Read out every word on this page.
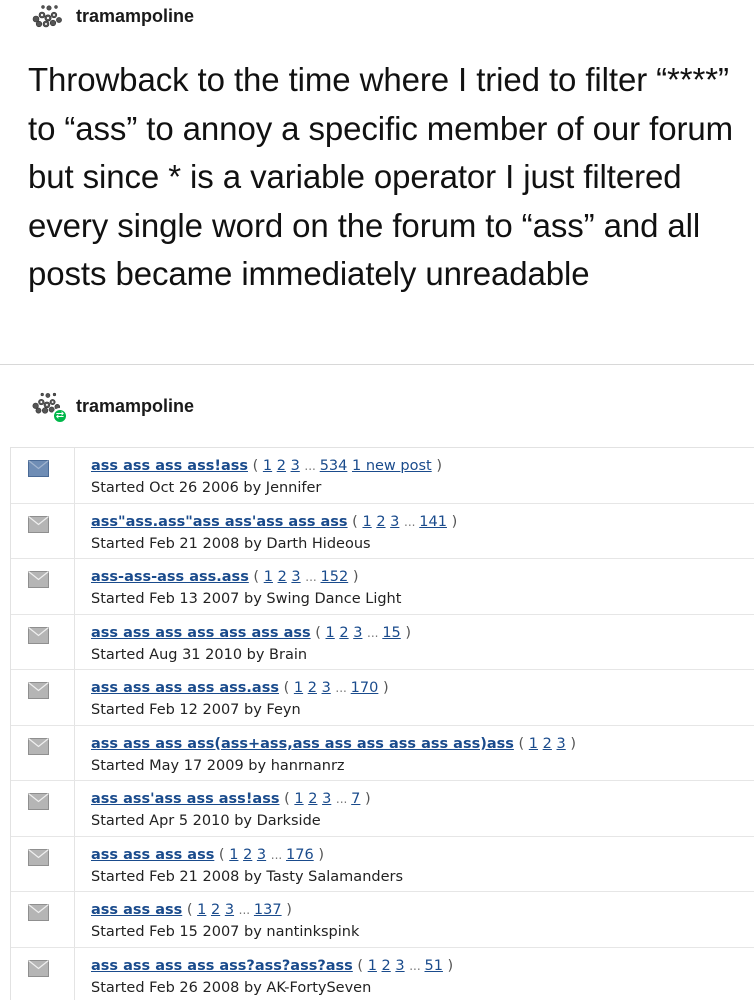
tramampoline
Throwback to the time where I tried to filter “****” to “ass” to annoy a specific member of our forum but since * is a variable operator I just filtered every single word on the forum to “ass” and all posts became immediately unreadable
⇄ tramampoline
ass ass ass ass!ass ( 1 2 3 ... 534 1 new post )
Started Oct 26 2006 by Jennifer
ass"ass.ass"ass ass'ass ass ass ( 1 2 3 ... 141 )
Started Feb 21 2008 by Darth Hideous
ass-ass-ass ass.ass ( 1 2 3 ... 152 )
Started Feb 13 2007 by Swing Dance Light
ass ass ass ass ass ass ass ( 1 2 3 ... 15 )
Started Aug 31 2010 by Brain
ass ass ass ass ass.ass ( 1 2 3 ... 170 )
Started Feb 12 2007 by Feyn
ass ass ass ass(ass+ass,ass ass ass ass ass ass)ass ( 1 2 3 )
Started May 17 2009 by hanrnanrz
ass ass'ass ass ass!ass ( 1 2 3 ... 7 )
Started Apr 5 2010 by Darkside
ass ass ass ass ( 1 2 3 ... 176 )
Started Feb 21 2008 by Tasty Salamanders
ass ass ass ( 1 2 3 ... 137 )
Started Feb 15 2007 by nantinkspink
ass ass ass ass ass?ass?ass?ass ( 1 2 3 ... 51 )
Started Feb 26 2008 by AK-FortySeven
